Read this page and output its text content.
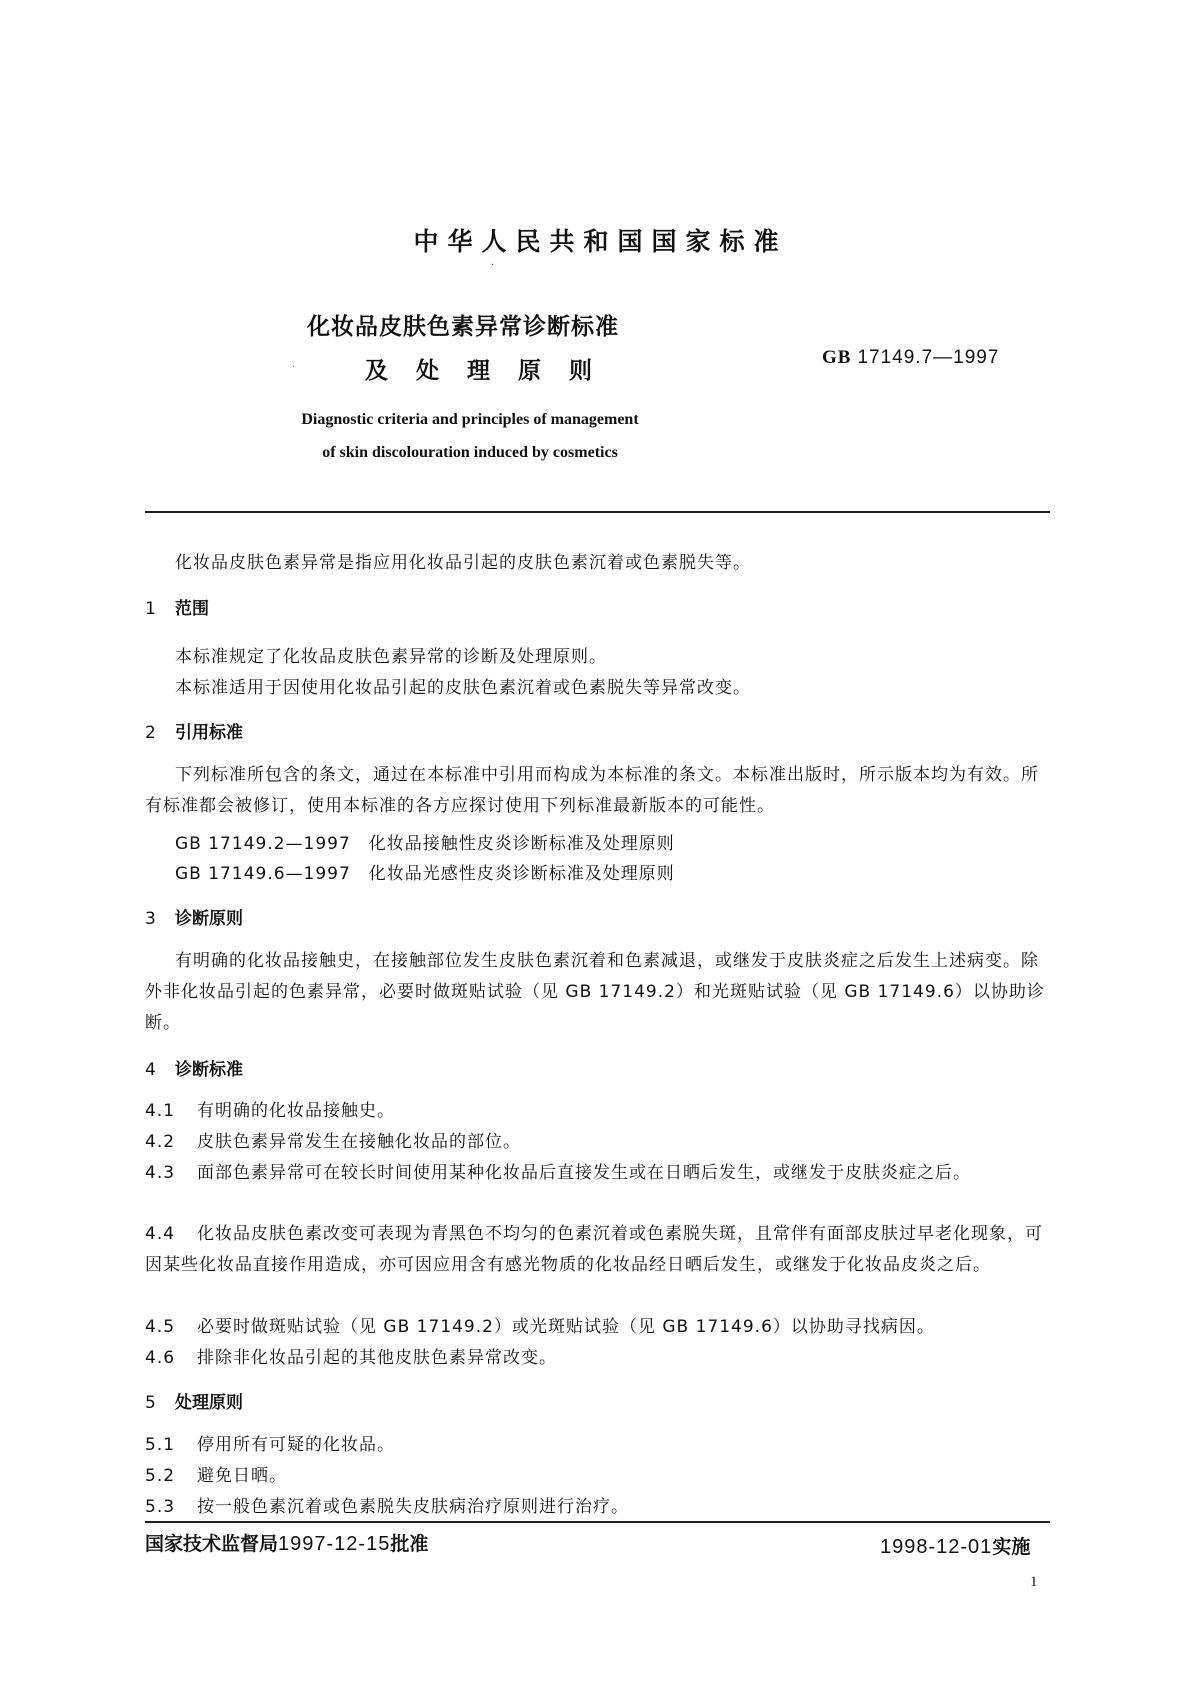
中华人民共和国国家标准
·
化妆品皮肤色素异常诊断标准
·	及处理原则
GB 17149.7—1997
Diagnostic criteria and principles of management
of skin discolouration induced by cosmetics
化妆品皮肤色素异常是指应用化妆品引起的皮肤色素沉着或色素脱失等。
1 范围
本标准规定了化妆品皮肤色素异常的诊断及处理原则。
本标准适用于因使用化妆品引起的皮肤色素沉着或色素脱失等异常改变。
2 引用标准
下列标准所包含的条文，通过在本标准中引用而构成为本标准的条文。本标准出版时，所示版本均为有效。所有标准都会被修订，使用本标准的各方应探讨使用下列标准最新版本的可能性。
GB 17149.2—1997　化妆品接触性皮炎诊断标准及处理原则
GB 17149.6—1997　化妆品光感性皮炎诊断标准及处理原则
3 诊断原则
有明确的化妆品接触史，在接触部位发生皮肤色素沉着和色素减退，或继发于皮肤炎症之后发生上述病变。除外非化妆品引起的色素异常，必要时做斑贴试验（见 GB 17149.2）和光斑贴试验（见 GB 17149.6）以协助诊断。
4 诊断标准
4.1 有明确的化妆品接触史。
4.2 皮肤色素异常发生在接触化妆品的部位。
4.3 面部色素异常可在较长时间使用某种化妆品后直接发生或在日晒后发生，或继发于皮肤炎症之后。
4.4 化妆品皮肤色素改变可表现为青黑色不均匀的色素沉着或色素脱失斑，且常伴有面部皮肤过早老化现象，可因某些化妆品直接作用造成，亦可因应用含有感光物质的化妆品经日晒后发生，或继发于化妆品皮炎之后。
4.5 必要时做斑贴试验（见 GB 17149.2）或光斑贴试验（见 GB 17149.6）以协助寻找病因。
4.6 排除非化妆品引起的其他皮肤色素异常改变。
5 处理原则
5.1 停用所有可疑的化妆品。
5.2 避免日晒。
5.3 按一般色素沉着或色素脱失皮肤病治疗原则进行治疗。
国家技术监督局1997-12-15批准	1998-12-01实施
1
